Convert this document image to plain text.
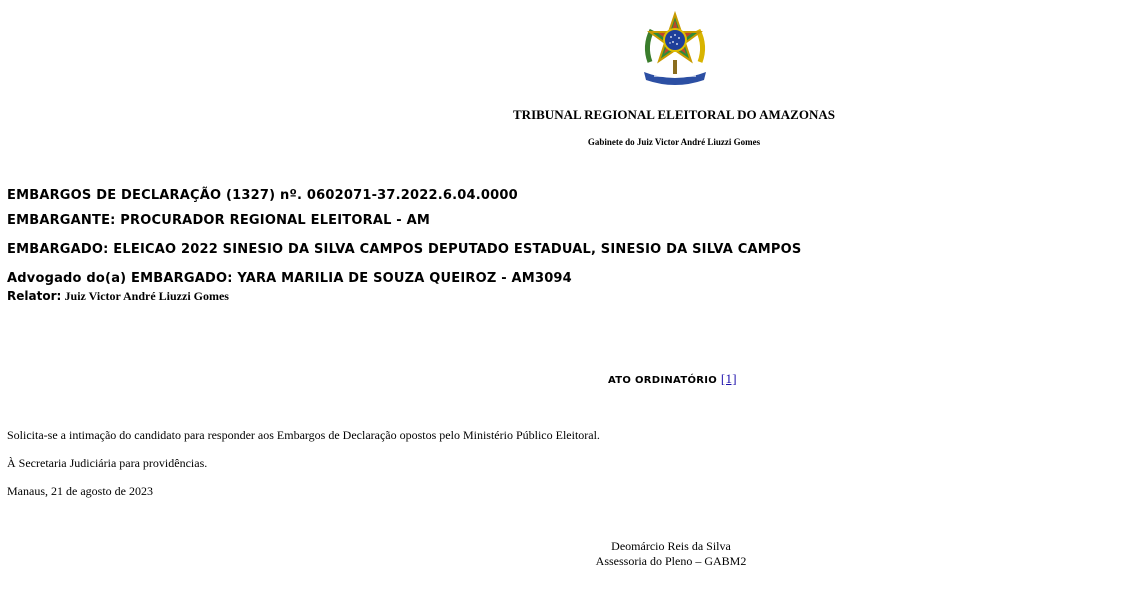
TRIBUNAL REGIONAL ELEITORAL DO AMAZONAS
Gabinete do Juiz Victor André Liuzzi Gomes
EMBARGOS DE DECLARAÇÃO (1327) nº. 0602071-37.2022.6.04.0000
EMBARGANTE: PROCURADOR REGIONAL ELEITORAL - AM
EMBARGADO: ELEICAO 2022 SINESIO DA SILVA CAMPOS DEPUTADO ESTADUAL, SINESIO DA SILVA CAMPOS
Advogado do(a) EMBARGADO: YARA MARILIA DE SOUZA QUEIROZ - AM3094
Relator: Juiz Victor André Liuzzi Gomes
ATO ORDINATÓRIO [1]
Solicita-se a intimação do candidato para responder aos Embargos de Declaração opostos pelo Ministério Público Eleitoral.
À Secretaria Judiciária para providências.
Manaus, 21 de agosto de 2023
Deomárcio Reis da Silva
Assessoria do Pleno – GABM2
